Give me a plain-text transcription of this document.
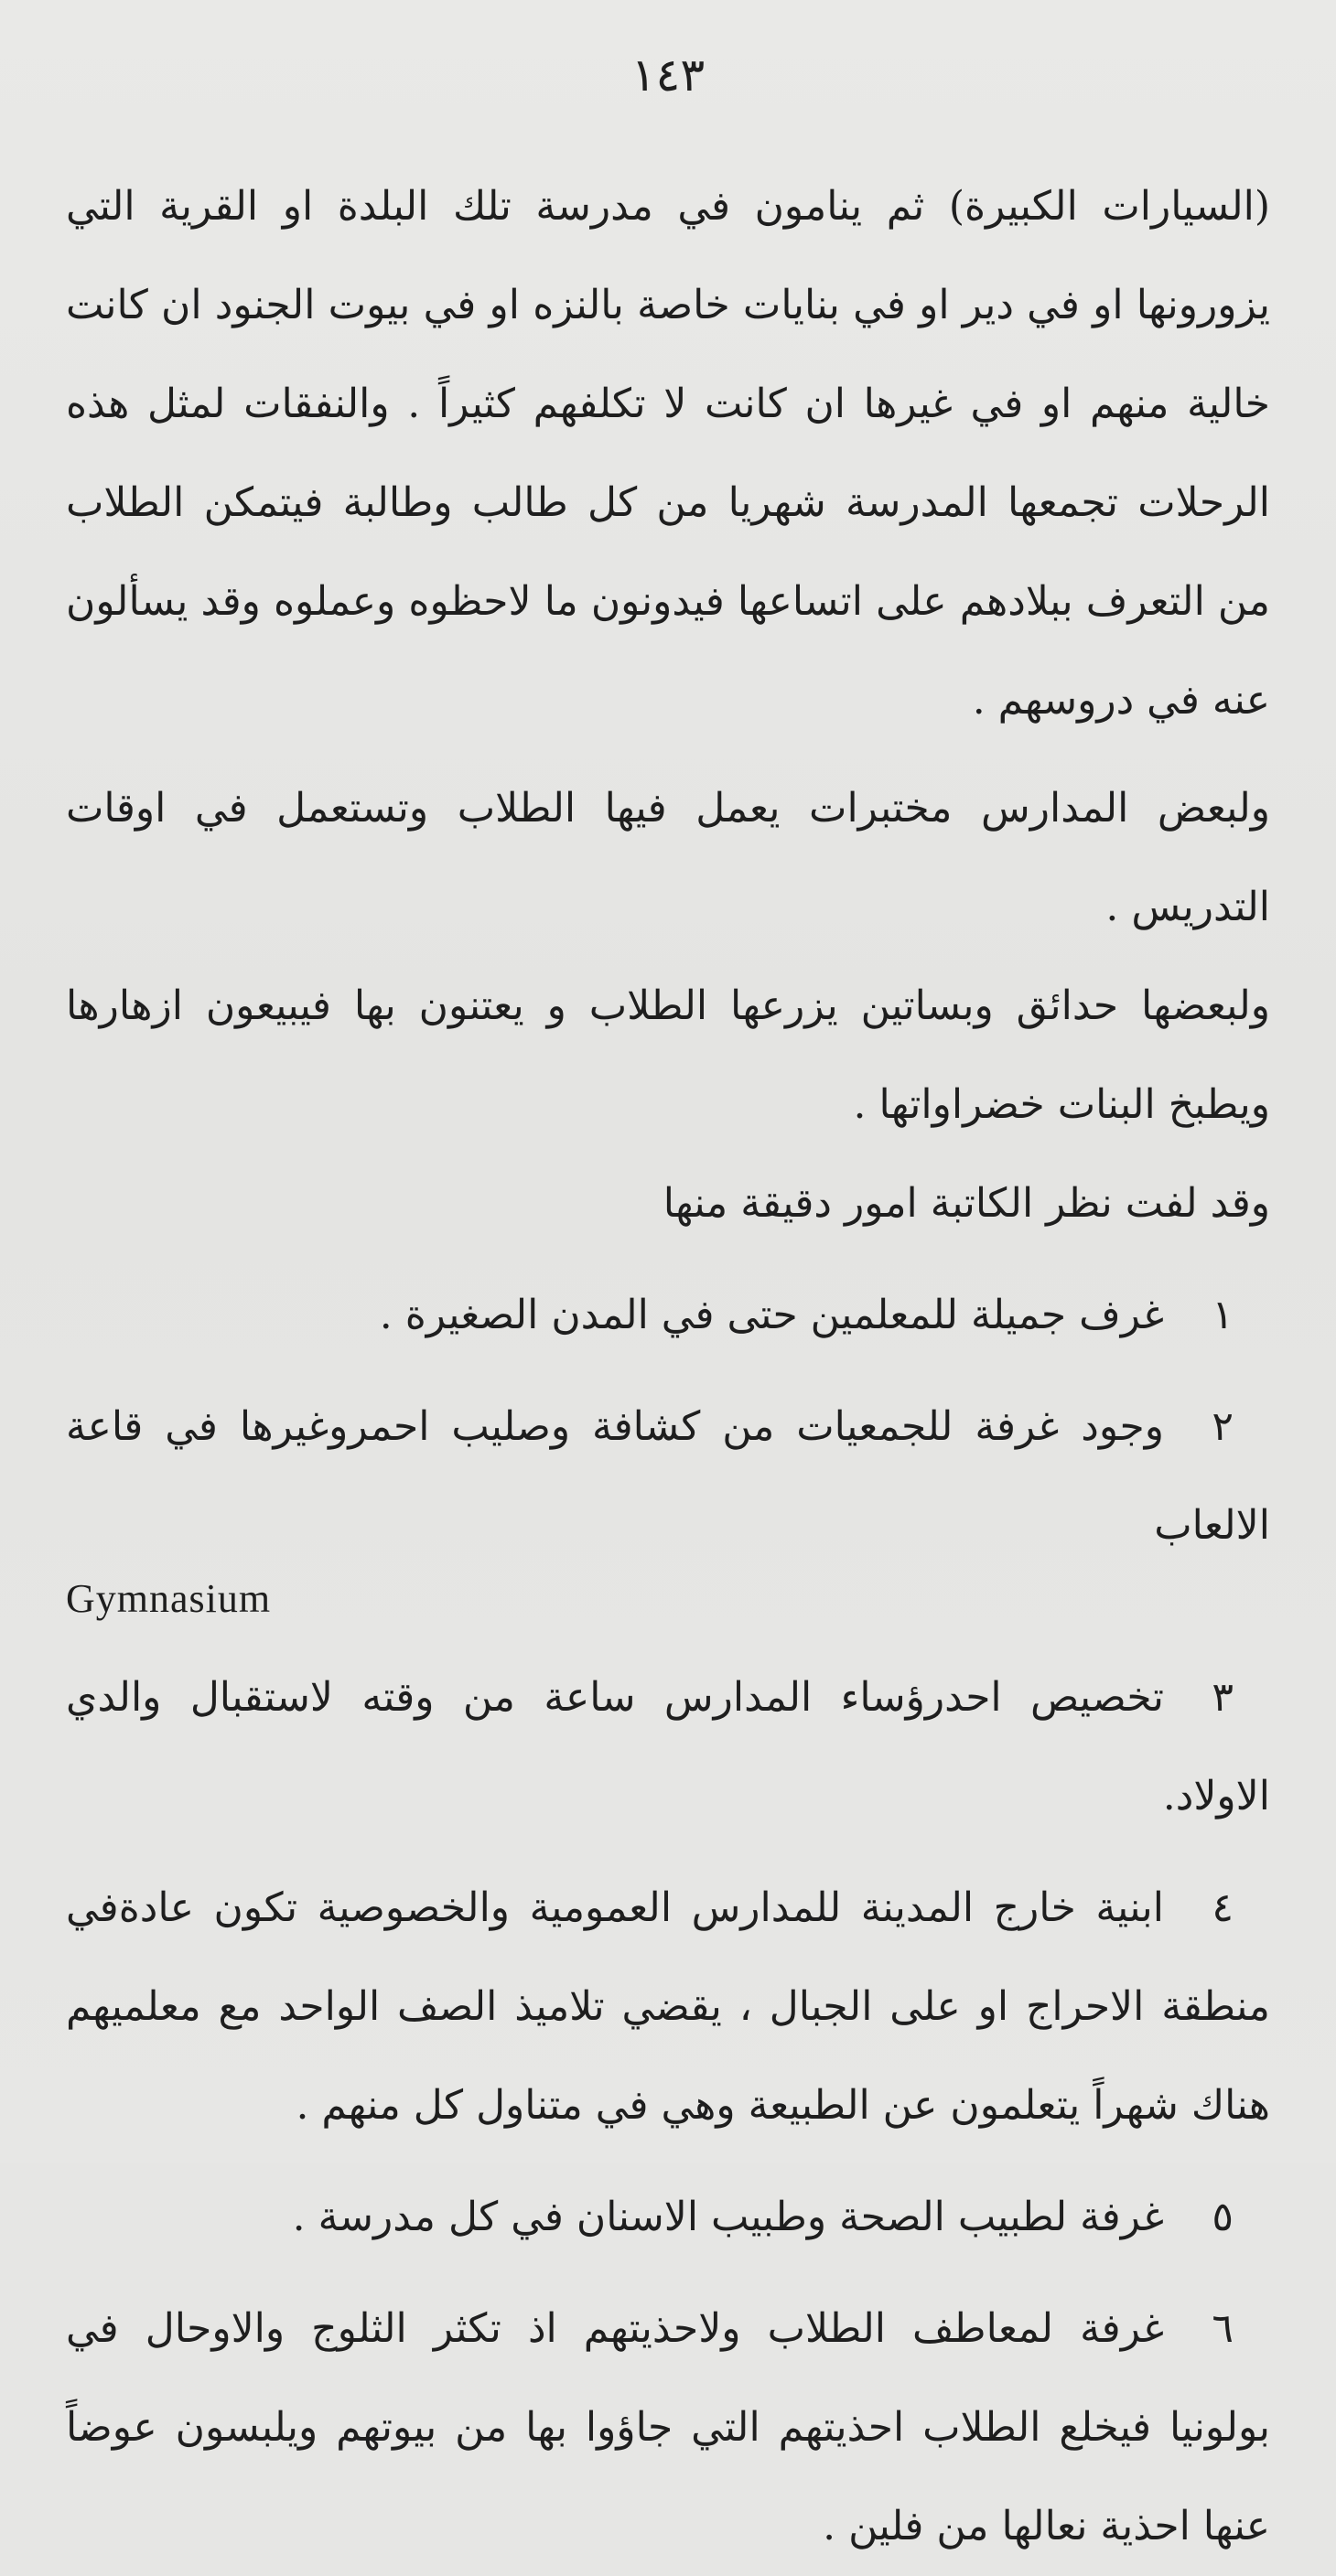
١٤٣

(السيارات الكبيرة) ثم ينامون في مدرسة تلك البلدة او القرية التي يزورونها او في دير او في بنايات خاصة بالنزه او في بيوت الجنود ان كانت خالية منهم او في غيرها ان كانت لا تكلفهم كثيراً . والنفقات لمثل هذه الرحلات تجمعها المدرسة شهريا من كل طالب وطالبة فيتمكن الطلاب من التعرف ببلادهم على اتساعها فيدونون ما لاحظوه وعملوه وقد يسألون عنه في دروسهم .

ولبعض المدارس مختبرات يعمل فيها الطلاب وتستعمل في اوقات التدريس .

ولبعضها حدائق وبساتين يزرعها الطلاب و يعتنون بها فيبيعون ازهارها ويطبخ البنات خضراواتها .

وقد لفت نظر الكاتبة امور دقيقة منها

١غرف جميلة للمعلمين حتى في المدن الصغيرة .
٢وجود غرفة للجمعيات من كشافة وصليب احمروغيرها في قاعة الالعاب
Gymnasium
٣تخصيص احدرؤساء المدارس ساعة من وقته لاستقبال والدي الاولاد.
٤ابنية خارج المدينة للمدارس العمومية والخصوصية تكون عادةفي منطقة الاحراج او على الجبال ، يقضي تلاميذ الصف الواحد مع معلميهم هناك شهراً يتعلمون عن الطبيعة وهي في متناول كل منهم .
٥غرفة لطبيب الصحة وطبيب الاسنان في كل مدرسة .
٦غرفة لمعاطف الطلاب ولاحذيتهم اذ تكثر الثلوج والاوحال في بولونيا فيخلع الطلاب احذيتهم التي جاؤوا بها من بيوتهم ويلبسون عوضاً عنها احذية نعالها من فلين .
